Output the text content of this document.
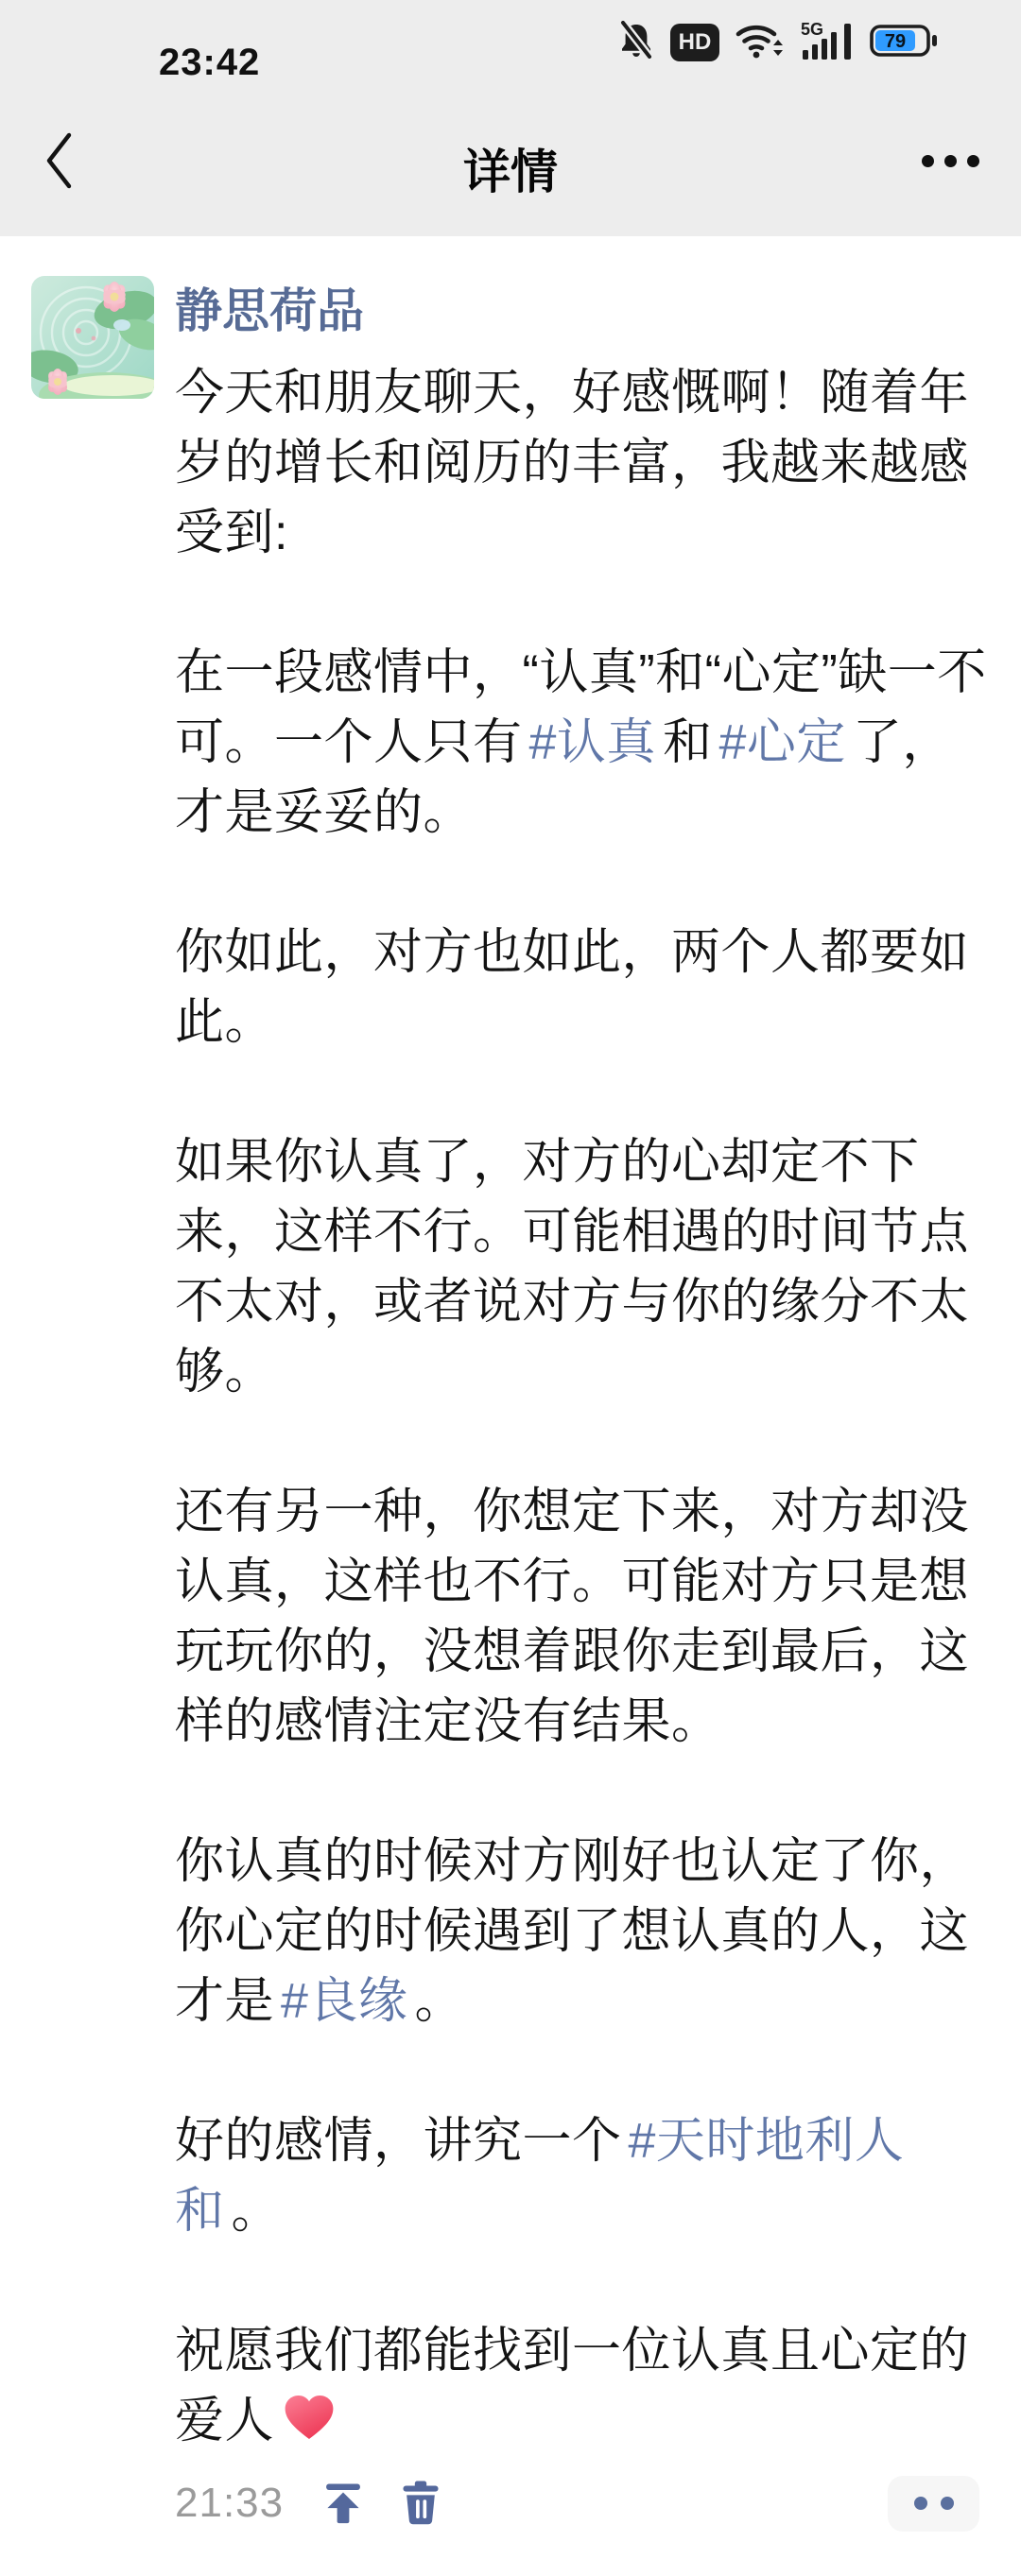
23:42	HD
5G
79
详情
静思荷品
今天和朋友聊天，好感慨啊！随着年
岁的增长和阅历的丰富，我越来越感
受到:
在一段感情中，“认真”和“心定”缺一不
可。一个人只有 #认真 和 #心定 了，
才是妥妥的。
你如此，对方也如此，两个人都要如
此。
如果你认真了，对方的心却定不下
来，这样不行。可能相遇的时间节点
不太对，或者说对方与你的缘分不太
够。
还有另一种，你想定下来，对方却没
认真，这样也不行。可能对方只是想
玩玩你的，没想着跟你走到最后，这
样的感情注定没有结果。
你认真的时候对方刚好也认定了你，
你心定的时候遇到了想认真的人，这
才是 #良缘 。
好的感情，讲究一个 #天时地利人
和 。
祝愿我们都能找到一位认真且心定的
爱人
21:33
